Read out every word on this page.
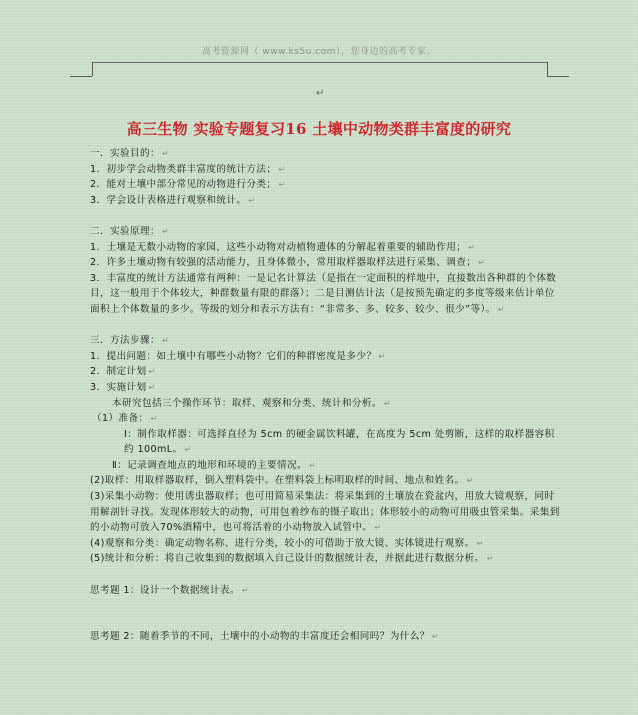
高考资源网（ www.ks5u.com），您身边的高考专家。
↵
高三生物 实验专题复习16 土壤中动物类群丰富度的研究
一．实验目的： ↵
1．初步学会动物类群丰富度的统计方法； ↵
2．能对土壤中部分常见的动物进行分类； ↵
3．学会设计表格进行观察和统计。 ↵
二．实验原理： ↵
1．土壤是无数小动物的家园，这些小动物对动植物遗体的分解起着重要的辅助作用； ↵
2．许多土壤动物有较强的活动能力，且身体微小，常用取样器取样法进行采集、调查； ↵
3．丰富度的统计方法通常有两种：一是记名计算法（是指在一定面积的样地中，直接数出各种群的个体数目，这一般用于个体较大，种群数量有限的群落）；二是目测估计法（是按预先确定的多度等级来估计单位面积上个体数量的多少。等级的划分和表示方法有：“非常多、多、较多、较少、很少”等）。 ↵
三．方法步骤： ↵
1．提出问题：如土壤中有哪些小动物？它们的种群密度是多少？ ↵
2．制定计划 ↵
3．实施计划 ↵
本研究包括三个操作环节：取样、观察和分类、统计和分析。 ↵
（1）准备： ↵
Ⅰ：制作取样器：可选择直径为 5cm 的硬金属饮料罐，在高度为 5cm 处剪断，这样的取样器容积约 100mL。 ↵
Ⅱ：记录调查地点的地形和环境的主要情况。 ↵
(2)取样：用取样器取样，倒入塑料袋中。在塑料袋上标明取样的时间、地点和姓名。 ↵
(3)采集小动物：使用诱虫器取样；也可用简易采集法：将采集到的土壤放在瓷盆内，用放大镜观察，同时用解剖针寻找。发现体形较大的动物，可用包着纱布的镊子取出；体形较小的动物可用吸虫管采集。采集到的小动物可放入70%酒精中，也可将活着的小动物放入试管中。 ↵
(4)观察和分类：确定动物名称、进行分类，较小的可借助于放大镜、实体镜进行观察。 ↵
(5)统计和分析：将自己收集到的数据填入自己设计的数据统计表，并据此进行数据分析。 ↵
思考题 1：设计一个数据统计表。 ↵
思考题 2：随着季节的不同，土壤中的小动物的丰富度还会相同吗？为什么？ ↵
